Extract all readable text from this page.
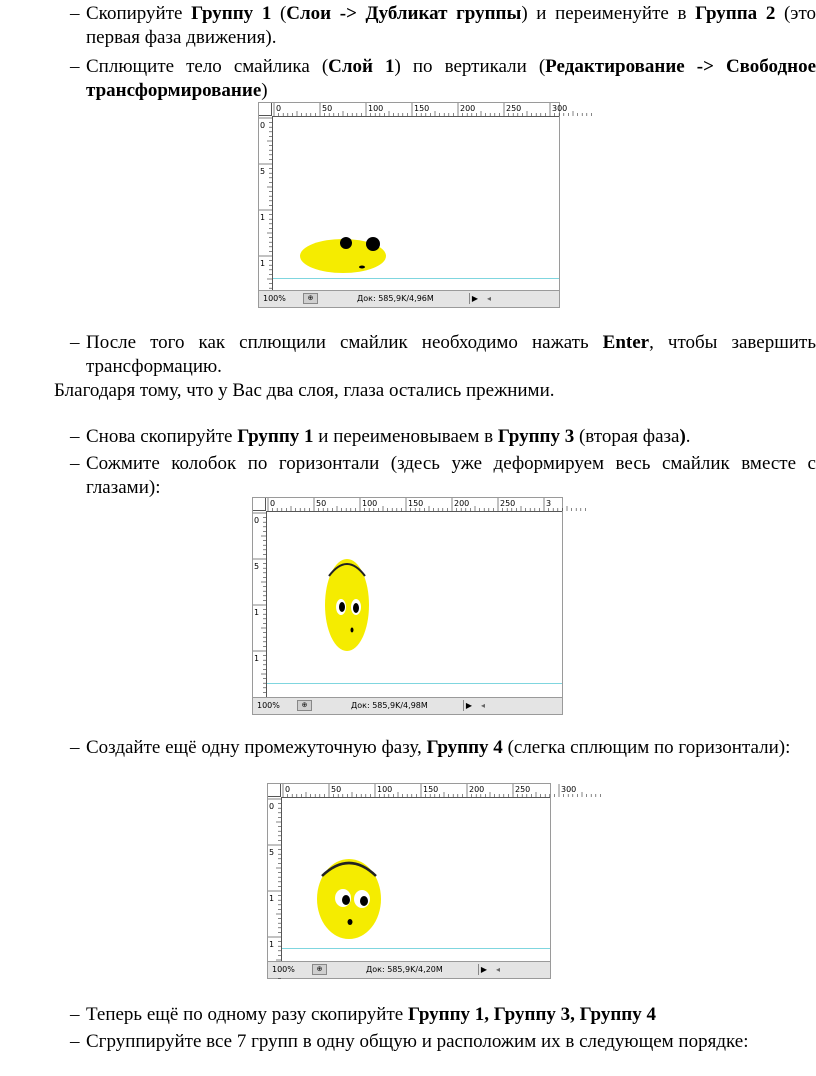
– Скопируйте Группу 1 (Слои -> Дубликат группы) и переименуйте в Группа 2 (это первая фаза движения).
– Сплющите тело смайлика (Слой 1) по вертикали (Редактирование -> Свободное трансформирование)
0	50	100	150	200	250	300
0
5
1
1
100%	⊕	Док: 585,9K/4,96M	▶ ◂
– После того как сплющили смайлик необходимо нажать Enter, чтобы завершить трансформацию.
Благодаря тому, что у Вас два слоя, глаза остались прежними.
– Снова скопируйте Группу 1 и переименовываем в Группу 3 (вторая фаза).
– Сожмите колобок по горизонтали (здесь уже деформируем весь смайлик вместе с глазами):
0	50	100	150	200	250	3
0
5
1
1
100%	⊕	Док: 585,9K/4,98M	▶ ◂
– Создайте ещё одну промежуточную фазу, Группу 4 (слегка сплющим по горизонтали):
0	50	100	150	200	250	300
0
5
1
1
100%	⊕	Док: 585,9K/4,20M	▶ ◂
– Теперь ещё по одному разу скопируйте Группу 1, Группу 3, Группу 4
– Сгруппируйте все 7 групп в одну общую и расположим их в следующем порядке:
